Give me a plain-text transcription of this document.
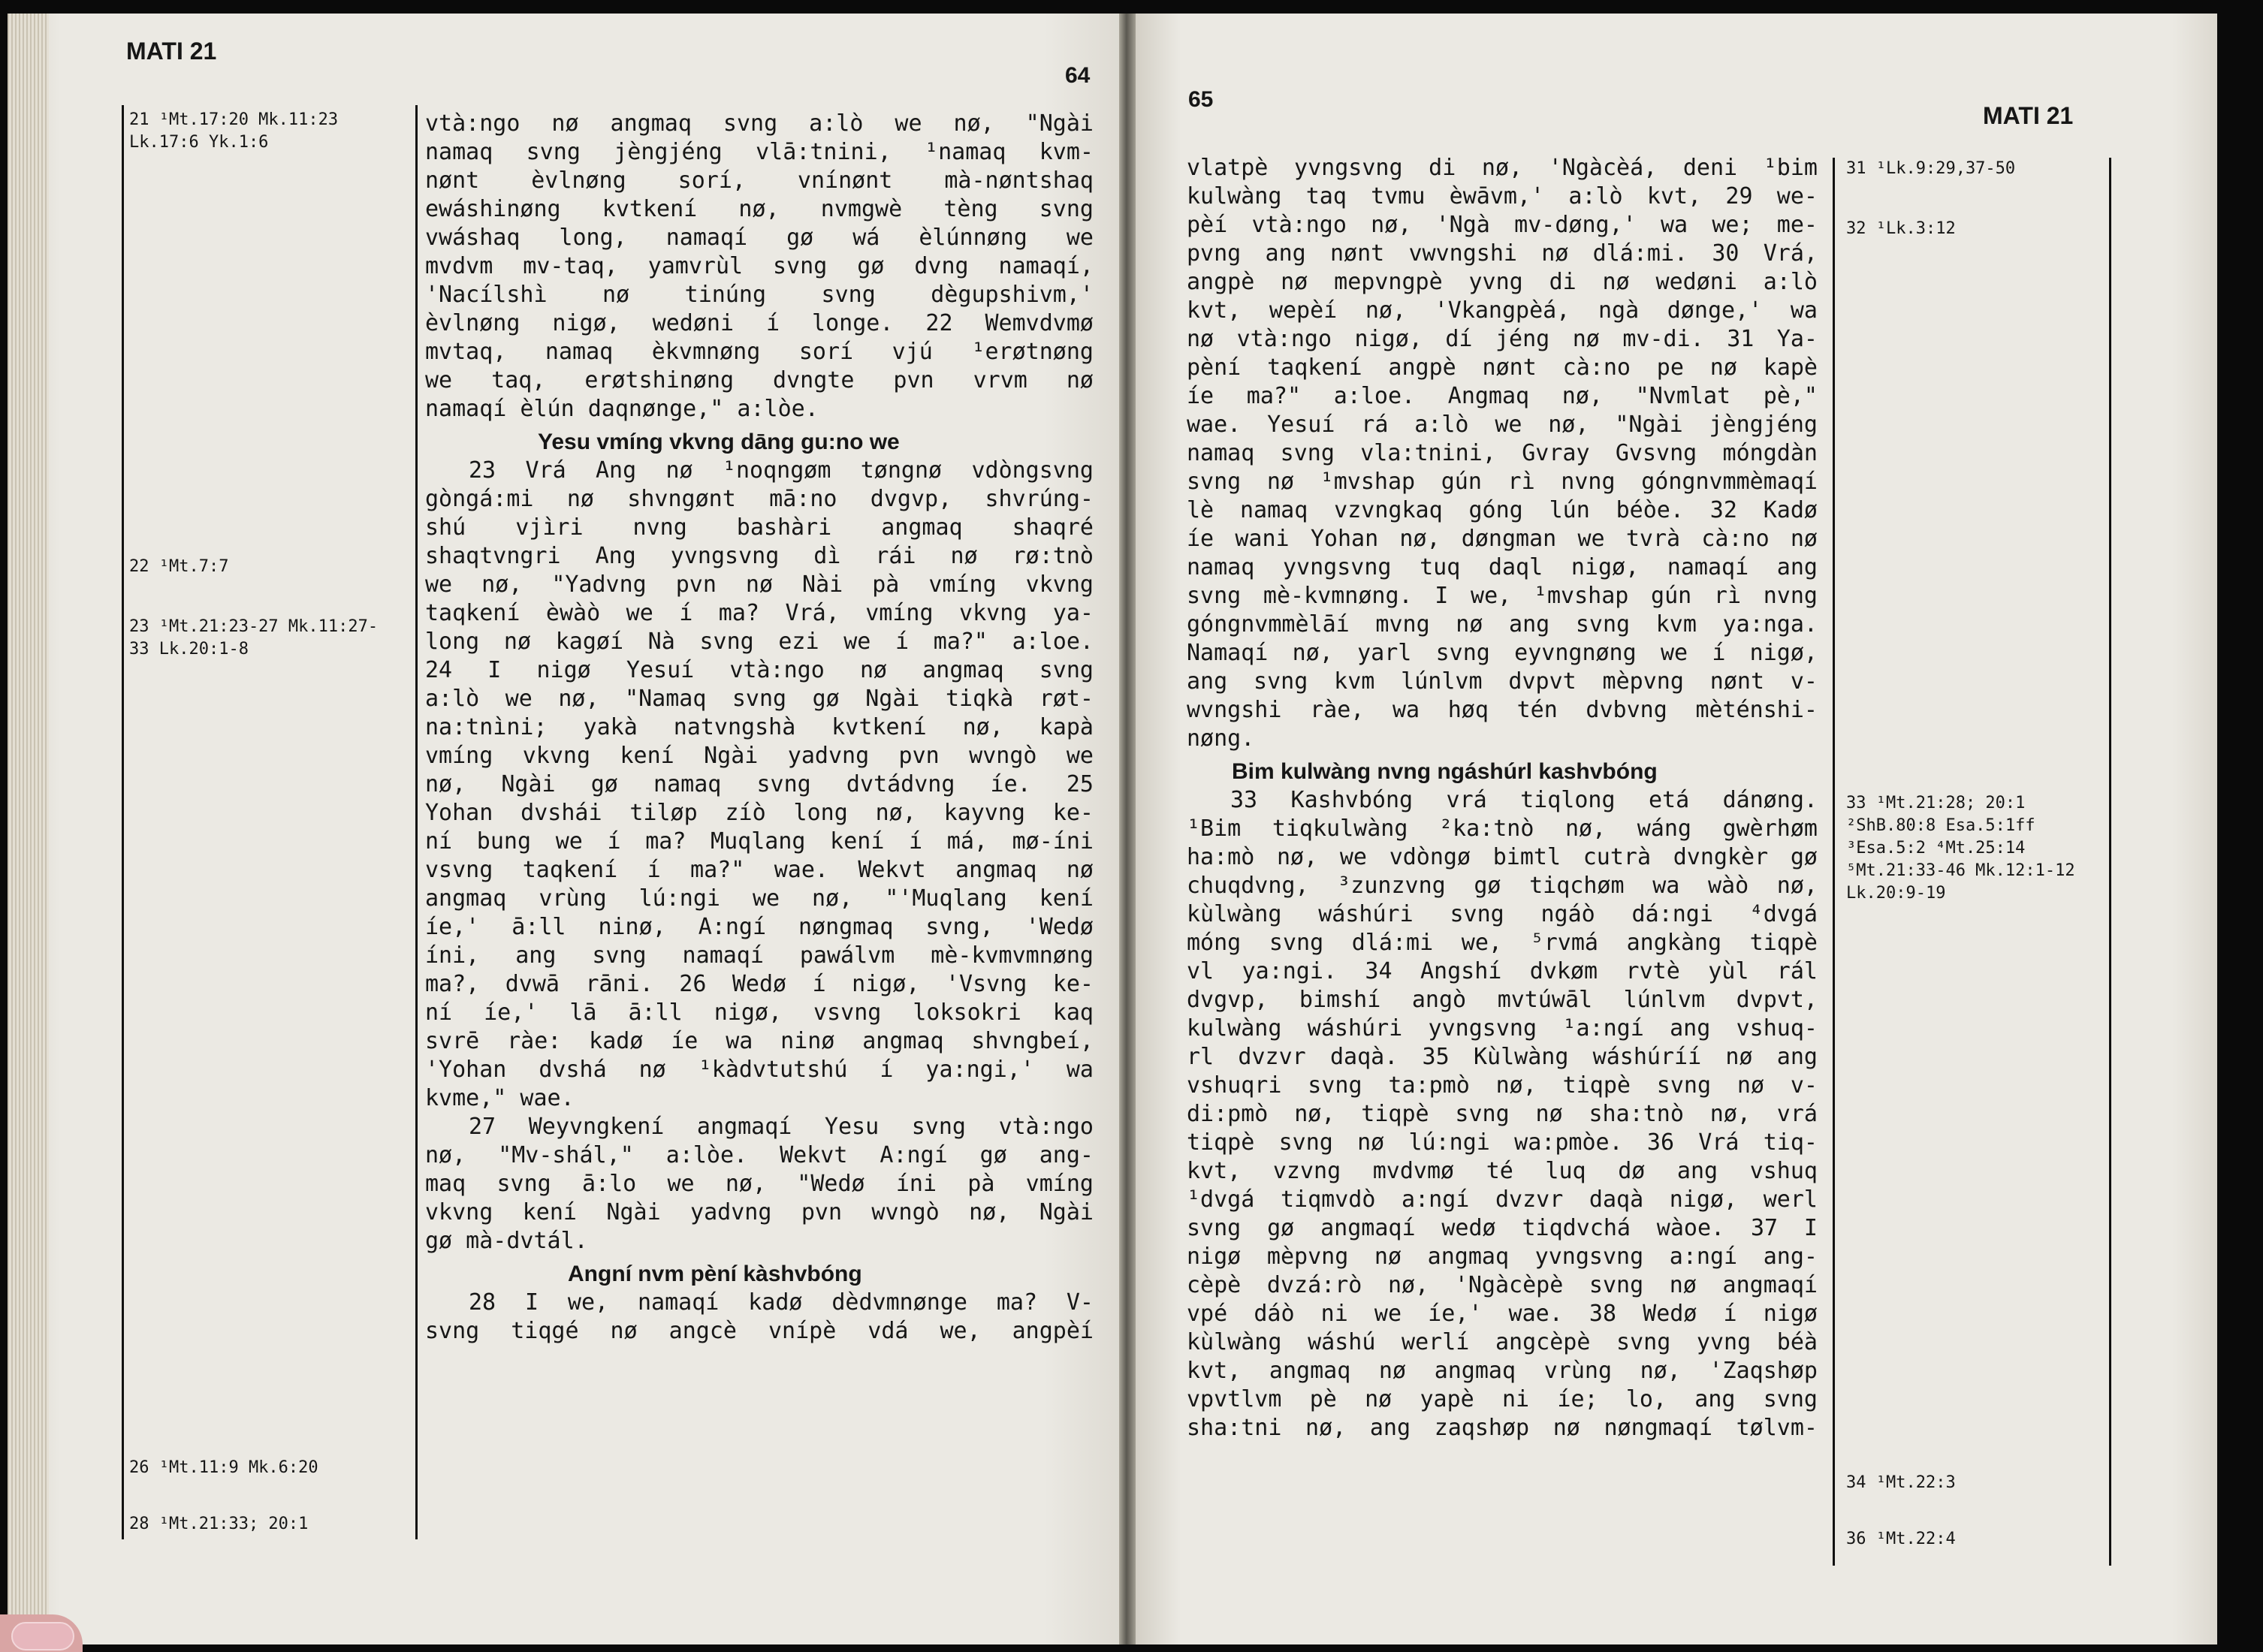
MATI 21
64
21 ¹Mt.17:20 Mk.11:23
Lk.17:6 Yk.1:6
22 ¹Mt.7:7
23 ¹Mt.21:23-27 Mk.11:27-
33 Lk.20:1-8
26 ¹Mt.11:9 Mk.6:20
28 ¹Mt.21:33; 20:1
vtà:ngo nø angmaq svng a:lò we nø, "Ngài
namaq svng jèngjéng vlā:tnini, ¹namaq kvm-
nønt èvlnøng sorí, vnínønt mà-nøntshaq
ewáshinøng kvtkení nø, nvmgwè tèng svng
vwáshaq long, namaqí gø wá èlúnnøng we
mvdvm mv-taq, yamvrùl svng gø dvng namaqí,
'Nacílshì nø tinúng svng dègupshivm,'
èvlnøng nigø, wedøni í longe. 22 Wemvdvmø
mvtaq, namaq èkvmnøng sorí vjú ¹erøtnøng
we taq, erøtshinøng dvngte pvn vrvm nø
namaqí èlún daqnønge," a:lòe.
Yesu vmíng vkvng dāng gu:no we
23 Vrá Ang nø ¹noqngøm tøngnø vdòngsvng
gòngá:mi nø shvngønt mā:no dvgvp, shvrúng-
shú vjìri nvng bashàri angmaq shaqré
shaqtvngri Ang yvngsvng dì rái nø rø:tnò
we nø, "Yadvng pvn nø Nài pà vmíng vkvng
taqkení èwàò we í ma? Vrá, vmíng vkvng ya-
long nø kagøí Nà svng ezi we í ma?" a:loe.
24 I nigø Yesuí vtà:ngo nø angmaq svng
a:lò we nø, "Namaq svng gø Ngài tiqkà røt-
na:tnìni; yakà natvngshà kvtkení nø, kapà
vmíng vkvng kení Ngài yadvng pvn wvngò we
nø, Ngài gø namaq svng dvtádvng íe. 25
Yohan dvshái tiløp zíò long nø, kayvng ke-
ní bung we í ma? Muqlang kení í má, mø-íni
vsvng taqkení í ma?" wae. Wekvt angmaq nø
angmaq vrùng lú:ngi we nø, "'Muqlang kení
íe,' ā:ll ninø, A:ngí nøngmaq svng, 'Wedø
íni, ang svng namaqí pawálvm mè-kvmvmnøng
ma?, dvwā rāni. 26 Wedø í nigø, 'Vsvng ke-
ní íe,' lā ā:ll nigø, vsvng loksokri kaq
svrē ràe: kadø íe wa ninø angmaq shvngbeí,
'Yohan dvshá nø ¹kàdvtutshú í ya:ngi,' wa
kvme," wae.
27 Weyvngkení angmaqí Yesu svng vtà:ngo
nø, "Mv-shál," a:lòe. Wekvt A:ngí gø ang-
maq svng ā:lo we nø, "Wedø íni pà vmíng
vkvng kení Ngài yadvng pvn wvngò nø, Ngài
gø mà-dvtál.
Angní nvm pèní kàshvbóng
28 I we, namaqí kadø dèdvmnønge ma? V-
svng tiqgé nø angcè vnípè vdá we, angpèí
65
MATI 21
31 ¹Lk.9:29,37-50
32 ¹Lk.3:12
33 ¹Mt.21:28; 20:1
²ShB.80:8 Esa.5:1ff
³Esa.5:2 ⁴Mt.25:14
⁵Mt.21:33-46 Mk.12:1-12
Lk.20:9-19
34 ¹Mt.22:3
36 ¹Mt.22:4
vlatpè yvngsvng di nø, 'Ngàcèá, deni ¹bim
kulwàng taq tvmu èwāvm,' a:lò kvt, 29 we-
pèí vtà:ngo nø, 'Ngà mv-døng,' wa we; me-
pvng ang nønt vwvngshi nø dlá:mi. 30 Vrá,
angpè nø mepvngpè yvng di nø wedøni a:lò
kvt, wepèí nø, 'Vkangpèá, ngà dønge,' wa
nø vtà:ngo nigø, dí jéng nø mv-di. 31 Ya-
pèní taqkení angpè nønt cà:no pe nø kapè
íe ma?" a:loe. Angmaq nø, "Nvmlat pè,"
wae. Yesuí rá a:lò we nø, "Ngài jèngjéng
namaq svng vla:tnini, Gvray Gvsvng móngdàn
svng nø ¹mvshap gún rì nvng góngnvmmèmaqí
lè namaq vzvngkaq góng lún béòe. 32 Kadø
íe wani Yohan nø, døngman we tvrà cà:no nø
namaq yvngsvng tuq daql nigø, namaqí ang
svng mè-kvmnøng. I we, ¹mvshap gún rì nvng
góngnvmmèlāí mvng nø ang svng kvm ya:nga.
Namaqí nø, yarl svng eyvngnøng we í nigø,
ang svng kvm lúnlvm dvpvt mèpvng nønt v-
wvngshi ràe, wa høq tén dvbvng mèténshi-
nøng.
Bim kulwàng nvng ngáshúrl kashvbóng
33 Kashvbóng vrá tiqlong etá dánøng.
¹Bim tiqkulwàng ²ka:tnò nø, wáng gwèrhøm
ha:mò nø, we vdòngø bimtl cutrà dvngkèr gø
chuqdvng, ³zunzvng gø tiqchøm wa wàò nø,
kùlwàng wáshúri svng ngáò dá:ngi ⁴dvgá
móng svng dlá:mi we, ⁵rvmá angkàng tiqpè
vl ya:ngi. 34 Angshí dvkøm rvtè yùl rál
dvgvp, bimshí angò mvtúwāl lúnlvm dvpvt,
kulwàng wáshúri yvngsvng ¹a:ngí ang vshuq-
rl dvzvr daqà. 35 Kùlwàng wáshúríí nø ang
vshuqri svng ta:pmò nø, tiqpè svng nø v-
di:pmò nø, tiqpè svng nø sha:tnò nø, vrá
tiqpè svng nø lú:ngi wa:pmòe. 36 Vrá tiq-
kvt, vzvng mvdvmø té luq dø ang vshuq
¹dvgá tiqmvdò a:ngí dvzvr daqà nigø, werl
svng gø angmaqí wedø tiqdvchá wàoe. 37 I
nigø mèpvng nø angmaq yvngsvng a:ngí ang-
cèpè dvzá:rò nø, 'Ngàcèpè svng nø angmaqí
vpé dáò ni we íe,' wae. 38 Wedø í nigø
kùlwàng wáshú werlí angcèpè svng yvng béà
kvt, angmaq nø angmaq vrùng nø, 'Zaqshøp
vpvtlvm pè nø yapè ni íe; lo, ang svng
sha:tni nø, ang zaqshøp nø nøngmaqí tølvm-
